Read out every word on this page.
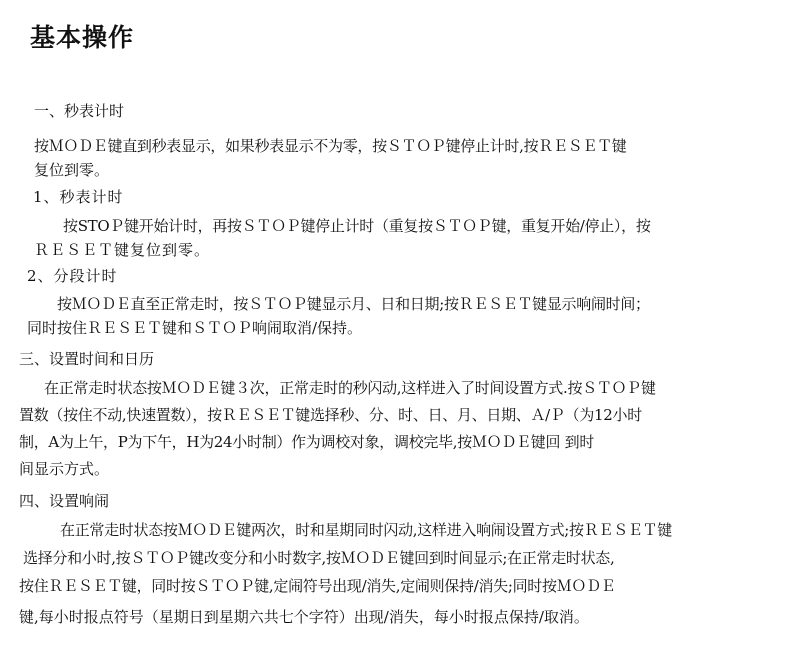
基本操作
一、秒表计时
按ＭＯＤＥ键直到秒表显示，如果秒表显示不为零，按ＳＴＯＰ键停止计时,按ＲＥＳＥＴ键
复位到零。
1、秒表计时
按STOＰ键开始计时，再按ＳＴＯＰ键停止计时（重复按ＳＴＯＰ键，重复开始/停止），按
ＲＥＳＥＴ键复位到零。
2、分段计时
按ＭＯＤＥ直至正常走时，按ＳＴＯＰ键显示月、日和日期;按ＲＥＳＥＴ键显示响闹时间；
同时按住ＲＥＳＥＴ键和ＳＴＯＰ响闹取消/保持。
三、设置时间和日历
在正常走时状态按ＭＯＤＥ键３次，正常走时的秒闪动,这样进入了时间设置方式.按ＳＴＯＰ键
置数（按住不动,快速置数），按ＲＥＳＥＴ键选择秒、分、时、日、月、日期、Ａ/Ｐ（为12小时
制，A为上午，P为下午，H为24小时制）作为调校对象，调校完毕,按ＭＯＤＥ键回 到时
间显示方式。
四、设置响闹
在正常走时状态按ＭＯＤＥ键两次，时和星期同时闪动,这样进入响闹设置方式;按ＲＥＳＥＴ键
选择分和小时,按ＳＴＯＰ键改变分和小时数字,按ＭＯＤＥ键回到时间显示;在正常走时状态,
按住ＲＥＳＥＴ键，同时按ＳＴＯＰ键,定闹符号出现/消失,定闹则保持/消失;同时按ＭＯＤＥ
键,每小时报点符号（星期日到星期六共七个字符）出现/消失，每小时报点保持/取消。
